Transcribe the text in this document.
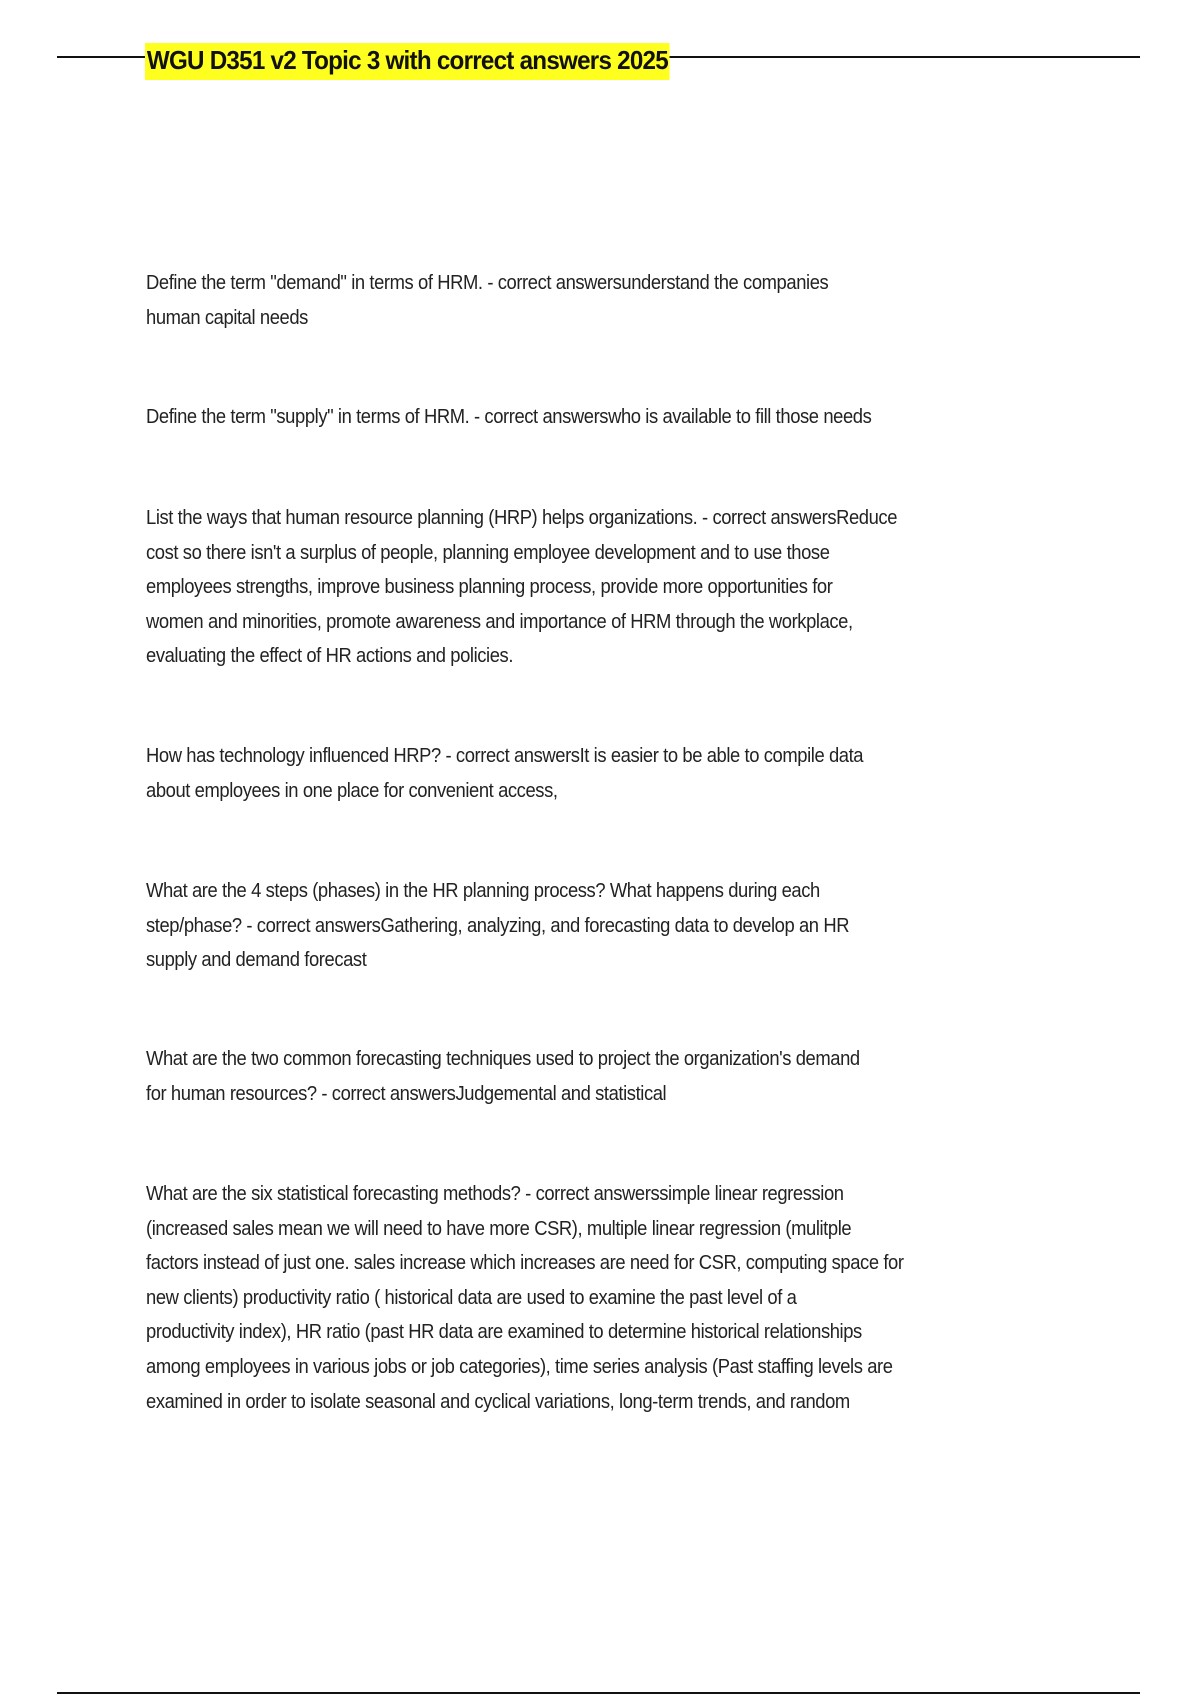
WGU D351 v2 Topic 3 with correct answers 2025
Define the term "demand" in terms of HRM. - correct answersunderstand the companies
human capital needs
Define the term "supply" in terms of HRM. - correct answerswho is available to fill those needs
List the ways that human resource planning (HRP) helps organizations. - correct answersReduce
cost so there isn't a surplus of people, planning employee development and to use those
employees strengths, improve business planning process, provide more opportunities for
women and minorities, promote awareness and importance of HRM through the workplace,
evaluating the effect of HR actions and policies.
How has technology influenced HRP? - correct answersIt is easier to be able to compile data
about employees in one place for convenient access,
What are the 4 steps (phases) in the HR planning process? What happens during each
step/phase? - correct answersGathering, analyzing, and forecasting data to develop an HR
supply and demand forecast
What are the two common forecasting techniques used to project the organization's demand
for human resources? - correct answersJudgemental and statistical
What are the six statistical forecasting methods? - correct answerssimple linear regression
(increased sales mean we will need to have more CSR), multiple linear regression (mulitple
factors instead of just one. sales increase which increases are need for CSR, computing space for
new clients) productivity ratio ( historical data are used to examine the past level of a
productivity index), HR ratio (past HR data are examined to determine historical relationships
among employees in various jobs or job categories), time series analysis (Past staffing levels are
examined in order to isolate seasonal and cyclical variations, long-term trends, and random
